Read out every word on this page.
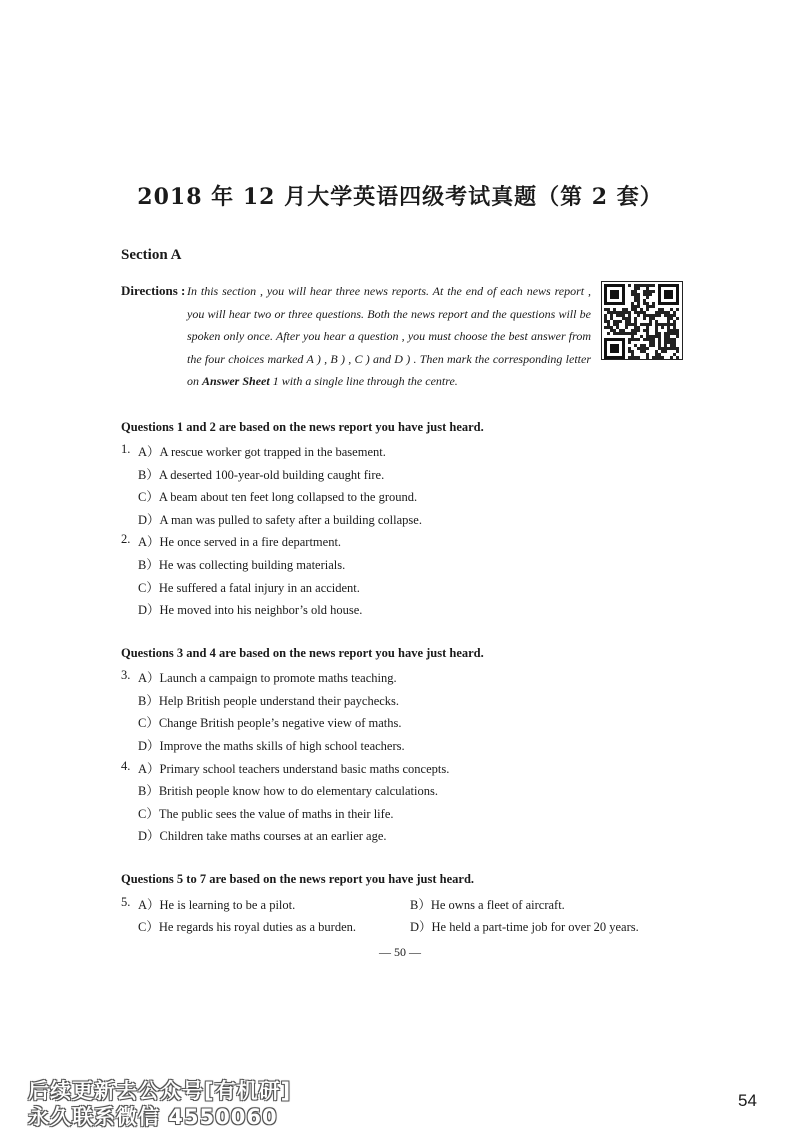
2018 年 12 月大学英语四级考试真题（第 2 套）
Section A
Directions : In this section , you will hear three news reports. At the end of each news report , you will hear two or three questions. Both the news report and the questions will be spoken only once. After you hear a question , you must choose the best answer from the four choices marked A ) , B ) , C ) and D ) . Then mark the corresponding letter on Answer Sheet 1 with a single line through the centre.
Questions 1 and 2 are based on the news report you have just heard.
1. A）A rescue worker got trapped in the basement.
B）A deserted 100-year-old building caught fire.
C）A beam about ten feet long collapsed to the ground.
D）A man was pulled to safety after a building collapse.
2. A）He once served in a fire department.
B）He was collecting building materials.
C）He suffered a fatal injury in an accident.
D）He moved into his neighbor’s old house.
Questions 3 and 4 are based on the news report you have just heard.
3. A）Launch a campaign to promote maths teaching.
B）Help British people understand their paychecks.
C）Change British people’s negative view of maths.
D）Improve the maths skills of high school teachers.
4. A）Primary school teachers understand basic maths concepts.
B）British people know how to do elementary calculations.
C）The public sees the value of maths in their life.
D）Children take maths courses at an earlier age.
Questions 5 to 7 are based on the news report you have just heard.
5. A）He is learning to be a pilot.	B）He owns a fleet of aircraft.
C）He regards his royal duties as a burden.	D）He held a part-time job for over 20 years.
— 50 —
后续更新去公众号[有机研]
永久联系微信 4550060
54
